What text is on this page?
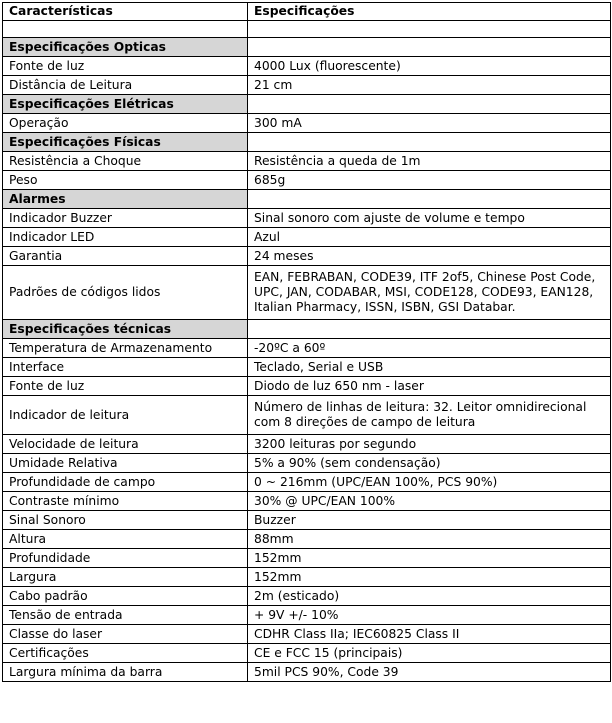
Características	Especificações

Especificações Opticas	
Fonte de luz	4000 Lux (fluorescente)
Distância de Leitura	21 cm
Especificações Elétricas	
Operação	300 mA
Especificações Físicas	
Resistência a Choque	Resistência a queda de 1m
Peso	685g
Alarmes	
Indicador Buzzer	Sinal sonoro com ajuste de volume e tempo
Indicador LED	Azul
Garantia	24 meses
Padrões de códigos lidos	EAN, FEBRABAN, CODE39, ITF 2of5, Chinese Post Code, UPC, JAN, CODABAR, MSI, CODE128, CODE93, EAN128, Italian Pharmacy, ISSN, ISBN, GSI Databar.
Especificações técnicas	
Temperatura de Armazenamento	-20ºC a 60º
Interface	Teclado, Serial e USB
Fonte de luz	Diodo de luz 650 nm - laser
Indicador de leitura	Número de linhas de leitura: 32. Leitor omnidirecional com 8 direções de campo de leitura
Velocidade de leitura	3200 leituras por segundo
Umidade Relativa	5% a 90% (sem condensação)
Profundidade de campo	0 ~ 216mm (UPC/EAN 100%, PCS 90%)
Contraste mínimo	30% @ UPC/EAN 100%
Sinal Sonoro	Buzzer
Altura	88mm
Profundidade	152mm
Largura	152mm
Cabo padrão	2m (esticado)
Tensão de entrada	+ 9V +/- 10%
Classe do laser	CDHR Class IIa; IEC60825 Class II
Certificações	CE e FCC 15 (principais)
Largura mínima da barra	5mil PCS 90%, Code 39
